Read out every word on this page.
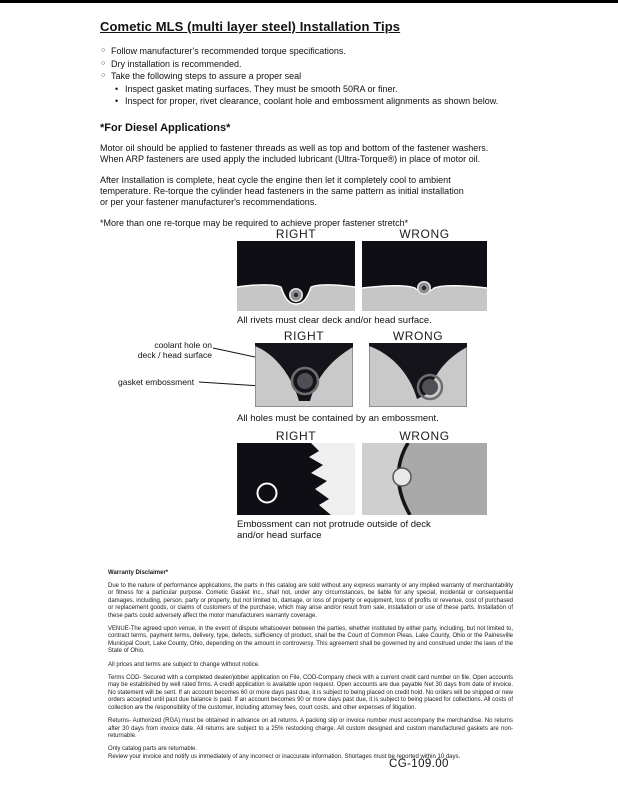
Cometic MLS (multi layer steel) Installation Tips
○ Follow manufacturer's recommended torque specifications.
○ Dry installation is recommended.
○ Take the following steps to assure a proper seal
• Inspect gasket mating surfaces. They must be smooth 50RA or finer.
• Inspect for proper, rivet clearance, coolant hole and embossment alignments as shown below.
*For Diesel Applications*
Motor oil should be applied to fastener threads as well as top and bottom of the fastener washers.
When ARP fasteners are used apply the included lubricant (Ultra-Torque®) in place of motor oil.
After Installation is complete, heat cycle the engine then let it completely cool to ambient
temperature. Re-torque the cylinder head fasteners in the same pattern as initial installation
or per your fastener manufacturer's recommendations.
*More than one re-torque may be required to achieve proper fastener stretch*
RIGHT	WRONG
All rivets must clear deck and/or head surface.
coolant hole on
deck / head surface
gasket embossment
RIGHT	WRONG
All holes must be contained by an embossment.
RIGHT	WRONG
Embossment can not protrude outside of deck
and/or head surface
Warranty Disclaimer*

Due to the nature of performance applications, the parts in this catalog are sold without any express warranty or any implied warranty of merchantability or fitness for a particular purpose. Cometic Gasket Inc., shall not, under any circumstances, be liable for any special, incidental or consequential damages, including, person, party or property, but not limited to, damage, or loss of property or equipment, loss of profits or revenue, cost of purchased or replacement goods, or claims of customers of the purchase, which may arise and/or result from sale, installation or use of these parts. Installation of these parts could adversely affect the motor manufacturers warranty coverage.

VENUE-The agreed upon venue, in the event of dispute whatsoever between the parties, whether instituted by either party, including, but not limited to, contract terms, payment terms, delivery, type, defects, sufficiency of product, shall be the Court of Common Pleas, Lake County, Ohio or the Painesville Municipal Court, Lake County, Ohio, depending on the amount in controversy. This agreement shall be governed by and construed under the laws of the State of Ohio.

All prices and terms are subject to change without notice.

Terms COD- Secured with a completed dealer/jobber application on File, COD-Company check with a current credit card number on file. Open accounts may be established by well rated firms. A credit application is available upon request. Open accounts are due payable Net 30 days from date of invoice. No statement will be sent. If an account becomes 60 or more days past due, it is subject to being placed on credit hold. No orders will be shipped or new orders accepted until past due balance is paid. If an account becomes 90 or more days past due, it is subject to being placed for collections. All costs of collection are the responsibility of the customer, including attorney fees, court costs, and other expenses of litigation.

Returns- Authorized (RGA) must be obtained in advance on all returns. A packing slip or invoice number must accompany the merchandise. No returns after 30 days from invoice date. All returns are subject to a 25% restocking charge. All custom designed and custom manufactured gaskets are non-returnable.

Only catalog parts are returnable.

Review your invoice and notify us immediately of any incorrect or inaccurate information. Shortages must be reported within 10 days.

CG-109.00
